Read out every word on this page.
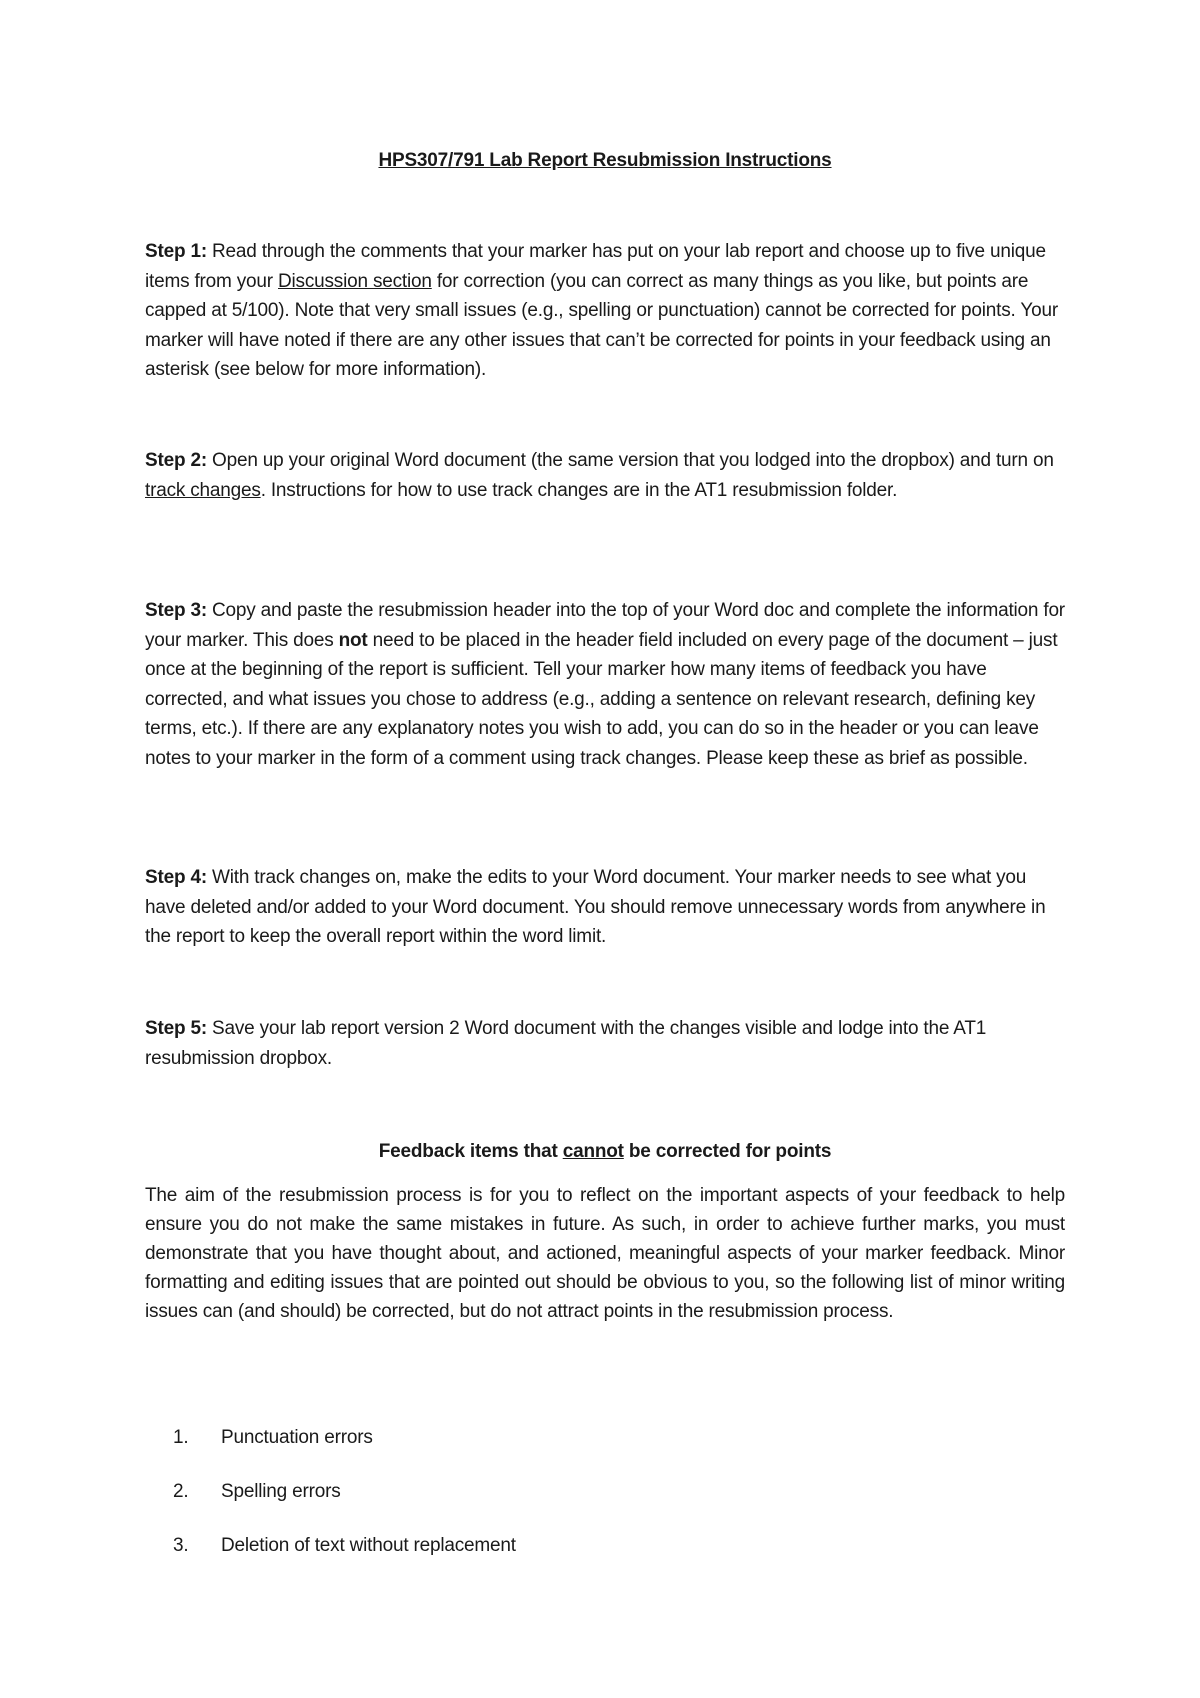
HPS307/791 Lab Report Resubmission Instructions

Step 1: Read through the comments that your marker has put on your lab report and choose up to five unique items from your Discussion section for correction (you can correct as many things as you like, but points are capped at 5/100). Note that very small issues (e.g., spelling or punctuation) cannot be corrected for points. Your marker will have noted if there are any other issues that can’t be corrected for points in your feedback using an asterisk (see below for more information).

Step 2: Open up your original Word document (the same version that you lodged into the dropbox) and turn on track changes. Instructions for how to use track changes are in the AT1 resubmission folder.

Step 3: Copy and paste the resubmission header into the top of your Word doc and complete the information for your marker. This does not need to be placed in the header field included on every page of the document – just once at the beginning of the report is sufficient. Tell your marker how many items of feedback you have corrected, and what issues you chose to address (e.g., adding a sentence on relevant research, defining key terms, etc.). If there are any explanatory notes you wish to add, you can do so in the header or you can leave notes to your marker in the form of a comment using track changes. Please keep these as brief as possible.

Step 4: With track changes on, make the edits to your Word document. Your marker needs to see what you have deleted and/or added to your Word document. You should remove unnecessary words from anywhere in the report to keep the overall report within the word limit.

Step 5: Save your lab report version 2 Word document with the changes visible and lodge into the AT1 resubmission dropbox.

Feedback items that cannot be corrected for points

The aim of the resubmission process is for you to reflect on the important aspects of your feedback to help ensure you do not make the same mistakes in future. As such, in order to achieve further marks, you must demonstrate that you have thought about, and actioned, meaningful aspects of your marker feedback. Minor formatting and editing issues that are pointed out should be obvious to you, so the following list of minor writing issues can (and should) be corrected, but do not attract points in the resubmission process.

1.	Punctuation errors
2.	Spelling errors
3.	Deletion of text without replacement
